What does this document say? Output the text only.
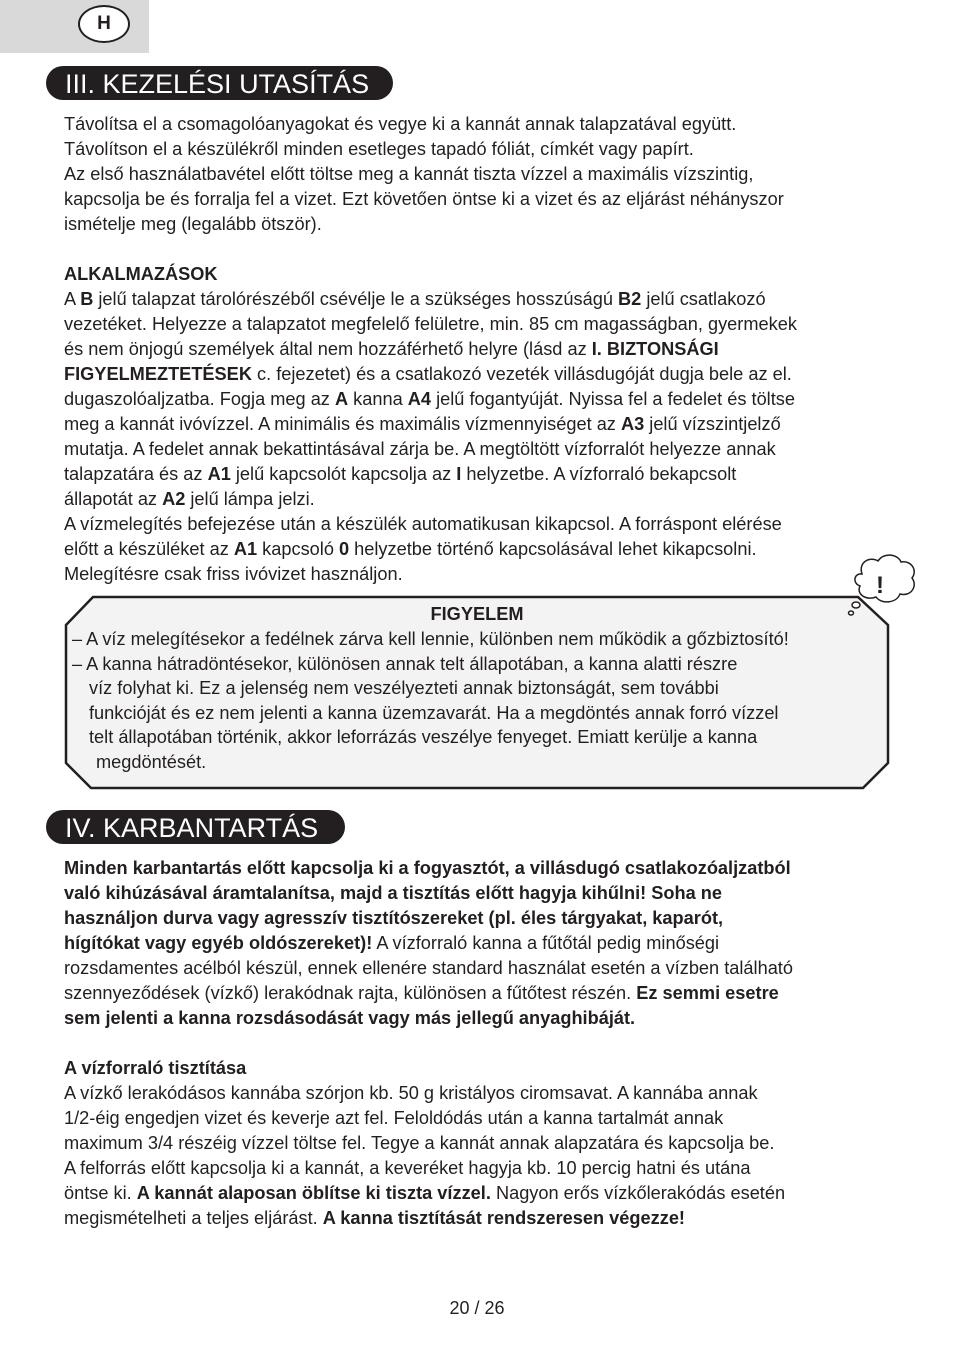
H
III. KEZELÉSI UTASÍTÁS
Távolítsa el a csomagolóanyagokat és vegye ki a kannát annak talapzatával együtt.
Távolítson el a készülékről minden esetleges tapadó fóliát, címkét vagy papírt.
Az első használatbavétel előtt töltse meg a kannát tiszta vízzel a maximális vízszintig,
kapcsolja be és forralja fel a vizet. Ezt követően öntse ki a vizet és az eljárást néhányszor
ismételje meg (legalább ötször).
ALKALMAZÁSOK
A B jelű talapzat tárolórészéből csévélje le a szükséges hosszúságú B2 jelű csatlakozó
vezetéket. Helyezze a talapzatot megfelelő felületre, min. 85 cm magasságban, gyermekek
és nem önjogú személyek által nem hozzáférhető helyre (lásd az I. BIZTONSÁGI
FIGYELMEZTETÉSEK c. fejezetet) és a csatlakozó vezeték villásdugóját dugja bele az el.
dugaszolóaljzatba. Fogja meg az A kanna A4 jelű fogantyúját. Nyissa fel a fedelet és töltse
meg a kannát ivóvízzel. A minimális és maximális vízmennyiséget az A3 jelű vízszintjelző
mutatja. A fedelet annak bekattintásával zárja be. A megtöltött vízforralót helyezze annak
talapzatára és az A1 jelű kapcsolót kapcsolja az I helyzetbe. A vízforraló bekapcsolt
állapotát az A2 jelű lámpa jelzi.
A vízmelegítés befejezése után a készülék automatikusan kikapcsol. A forráspont elérése
előtt a készüléket az A1 kapcsoló 0 helyzetbe történő kapcsolásával lehet kikapcsolni.
Melegítésre csak friss ivóvizet használjon.	!
FIGYELEM
– A víz melegítésekor a fedélnek zárva kell lennie, különben nem működik a gőzbiztosító!
– A kanna hátradöntésekor, különösen annak telt állapotában, a kanna alatti részre
víz folyhat ki. Ez a jelenség nem veszélyezteti annak biztonságát, sem további
funkcióját és ez nem jelenti a kanna üzemzavarát. Ha a megdöntés annak forró vízzel
telt állapotában történik, akkor leforrázás veszélye fenyeget. Emiatt kerülje a kanna
megdöntését.
IV. KARBANTARTÁS
Minden karbantartás előtt kapcsolja ki a fogyasztót, a villásdugó csatlakozóaljzatból
való kihúzásával áramtalanítsa, majd a tisztítás előtt hagyja kihűlni! Soha ne
használjon durva vagy agresszív tisztítószereket (pl. éles tárgyakat, kaparót,
hígítókat vagy egyéb oldószereket)! A vízforraló kanna a fűtőtál pedig minőségi
rozsdamentes acélból készül, ennek ellenére standard használat esetén a vízben található
szennyeződések (vízkő) lerakódnak rajta, különösen a fűtőtest részén. Ez semmi esetre
sem jelenti a kanna rozsdásodását vagy más jellegű anyaghibáját.
A vízforraló tisztítása
A vízkő lerakódásos kannába szórjon kb. 50 g kristályos ciromsavat. A kannába annak
1/2-éig engedjen vizet és keverje azt fel. Feloldódás után a kanna tartalmát annak
maximum 3/4 részéig vízzel töltse fel. Tegye a kannát annak alapzatára és kapcsolja be.
A felforrás előtt kapcsolja ki a kannát, a keveréket hagyja kb. 10 percig hatni és utána
öntse ki. A kannát alaposan öblítse ki tiszta vízzel. Nagyon erős vízkőlerakódás esetén
megismételheti a teljes eljárást. A kanna tisztítását rendszeresen végezze!
20 / 26
